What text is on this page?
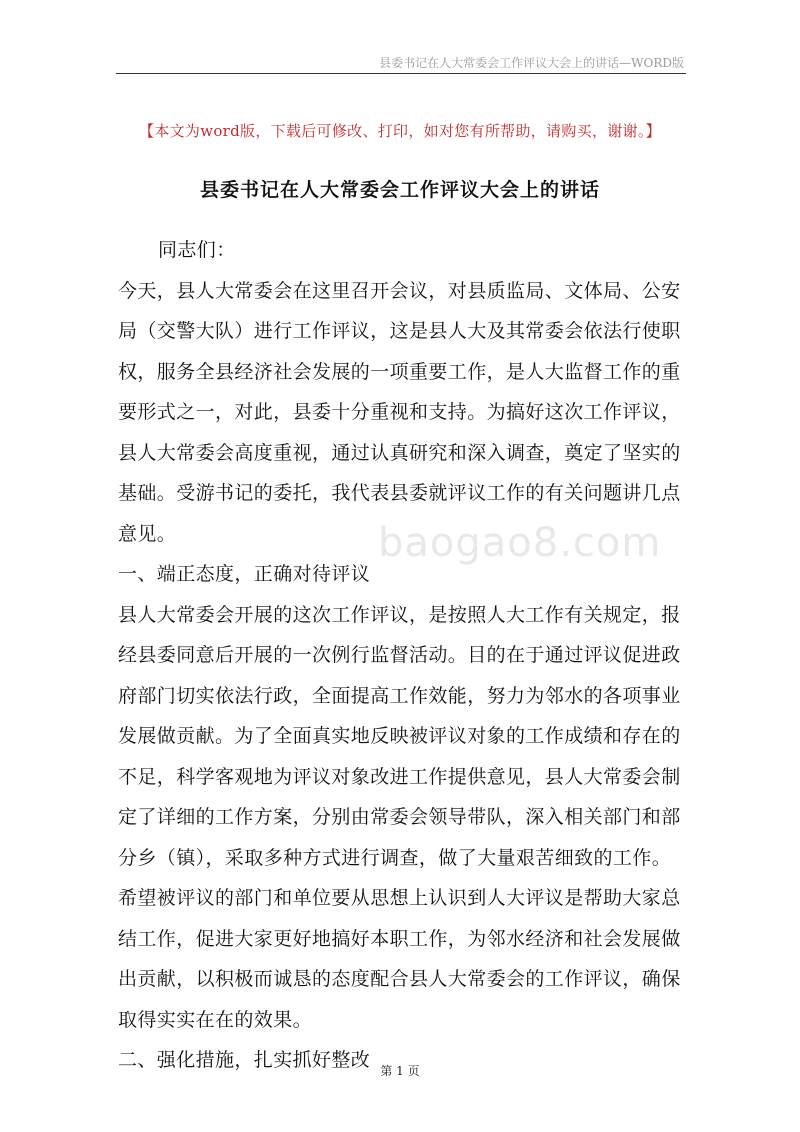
县委书记在人大常委会工作评议大会上的讲话—WORD版
【本文为word版，下载后可修改、打印，如对您有所帮助，请购买，谢谢。】
县委书记在人大常委会工作评议大会上的讲话
baogao8.com

同志们：

今天，县人大常委会在这里召开会议，对县质监局、文体局、公安局（交警大队）进行工作评议，这是县人大及其常委会依法行使职权，服务全县经济社会发展的一项重要工作，是人大监督工作的重要形式之一，对此，县委十分重视和支持。为搞好这次工作评议，县人大常委会高度重视，通过认真研究和深入调查，奠定了坚实的基础。受游书记的委托，我代表县委就评议工作的有关问题讲几点意见。

一、端正态度，正确对待评议

县人大常委会开展的这次工作评议，是按照人大工作有关规定，报经县委同意后开展的一次例行监督活动。目的在于通过评议促进政府部门切实依法行政，全面提高工作效能，努力为邻水的各项事业发展做贡献。为了全面真实地反映被评议对象的工作成绩和存在的不足，科学客观地为评议对象改进工作提供意见，县人大常委会制定了详细的工作方案，分别由常委会领导带队，深入相关部门和部分乡（镇），采取多种方式进行调查，做了大量艰苦细致的工作。希望被评议的部门和单位要从思想上认识到人大评议是帮助大家总结工作，促进大家更好地搞好本职工作，为邻水经济和社会发展做出贡献，以积极而诚恳的态度配合县人大常委会的工作评议，确保取得实实在在的效果。

二、强化措施，扎实抓好整改 第 1 页
